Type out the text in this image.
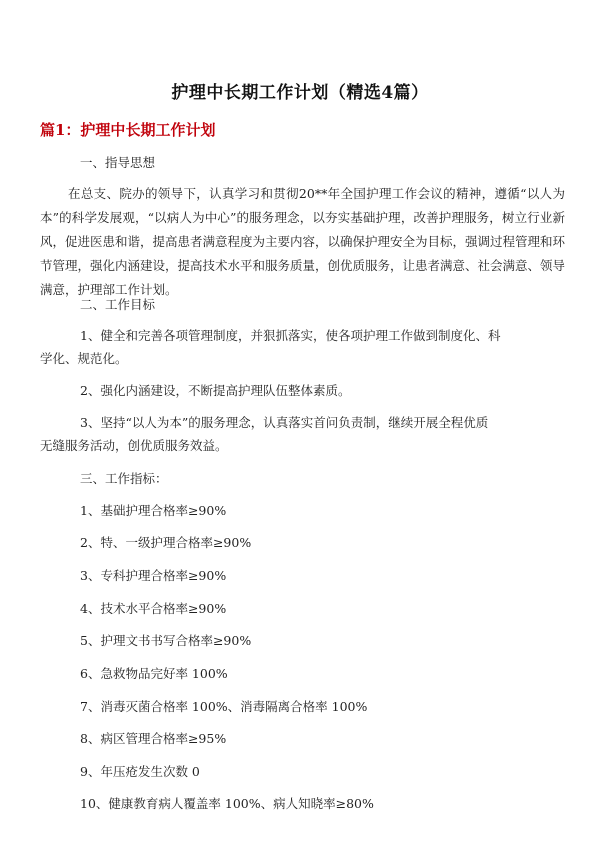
护理中长期工作计划（精选4篇）
篇1：护理中长期工作计划
一、指导思想
在总支、院办的领导下，认真学习和贯彻20**年全国护理工作会议的精神，遵循“以人为本”的科学发展观，“以病人为中心”的服务理念，以夯实基础护理，改善护理服务，树立行业新风，促进医患和谐，提高患者满意程度为主要内容，以确保护理安全为目标，强调过程管理和环节管理，强化内涵建设，提高技术水平和服务质量，创优质服务，让患者满意、社会满意、领导满意，护理部工作计划。
二、工作目标
1、健全和完善各项管理制度，并狠抓落实，使各项护理工作做到制度化、科
学化、规范化。
2、强化内涵建设，不断提高护理队伍整体素质。
3、坚持“以人为本”的服务理念，认真落实首问负责制，继续开展全程优质
无缝服务活动，创优质服务效益。
三、工作指标：
1、基础护理合格率≥90%
2、特、一级护理合格率≥90%
3、专科护理合格率≥90%
4、技术水平合格率≥90%
5、护理文书书写合格率≥90%
6、急救物品完好率 100%
7、消毒灭菌合格率 100%、消毒隔离合格率 100%
8、病区管理合格率≥95%
9、年压疮发生次数 0
10、健康教育病人覆盖率 100%、病人知晓率≥80%
